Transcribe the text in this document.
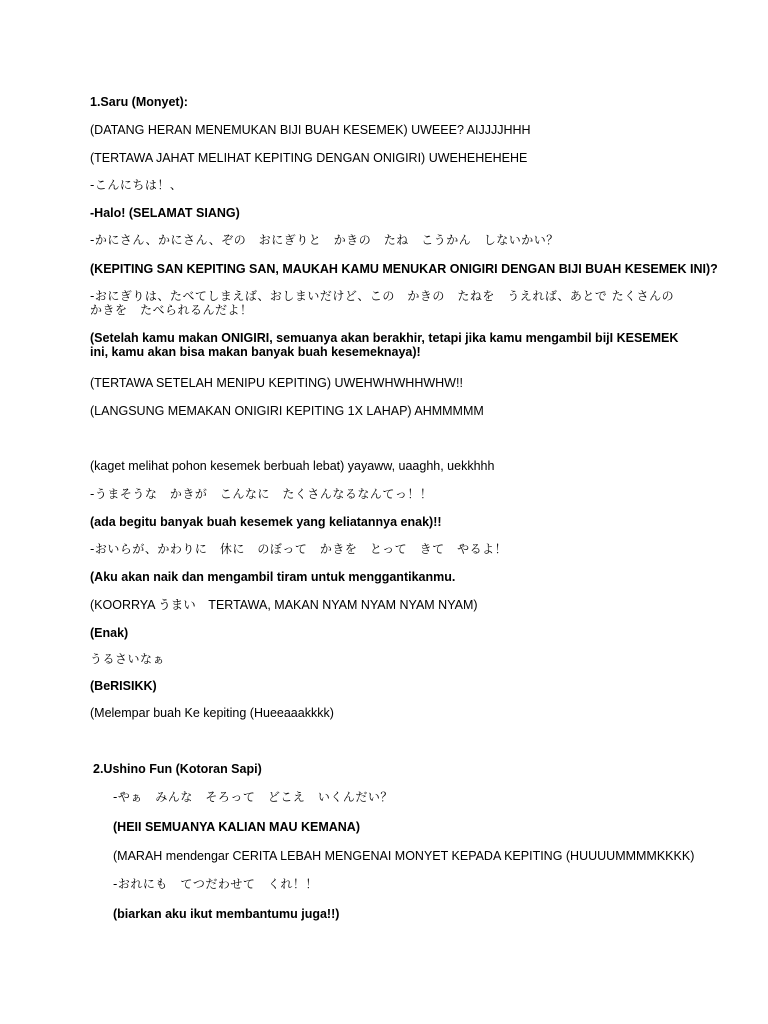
1.Saru (Monyet):
(DATANG HERAN MENEMUKAN BIJI BUAH KESEMEK) UWEEE? AIJJJJHHH
(TERTAWA JAHAT MELIHAT KEPITING DENGAN ONIGIRI) UWEHEHEHEHE
-こんにちは！、
-Halo! (SELAMAT SIANG)
-かにさん、かにさん、ぞの　おにぎりと　かきの　たね　こうかん　しないかい？
(KEPITING SAN KEPITING SAN, MAUKAH KAMU MENUKAR ONIGIRI DENGAN BIJI BUAH KESEMEK INI)?
-おにぎりは、たべてしまえば、おしまいだけど、この　かきの　たねを　うえれば、あとで たくさんの　かきを　たべられるんだよ！
(Setelah kamu makan ONIGIRI, semuanya akan berakhir, tetapi jika kamu mengambil bijI KESEMEK ini, kamu akan bisa makan banyak buah kesemeknaya)!
(TERTAWA SETELAH MENIPU KEPITING) UWEHWHWHHWHW!!
(LANGSUNG MEMAKAN ONIGIRI KEPITING 1X LAHAP) AHMMMMM
(kaget melihat pohon kesemek berbuah lebat) yayaww, uaaghh, uekkhhh
-うまそうな　かきが　こんなに　たくさんなるなんてっ！！
(ada begitu banyak buah kesemek yang keliatannya enak)!!
-おいらが、かわりに　休に　のぼって　かきを　とって　きて　やるよ！
(Aku akan naik dan mengambil tiram untuk menggantikanmu.
(KOORRYA うまい　TERTAWA, MAKAN NYAM NYAM NYAM NYAM)
(Enak)
うるさいなぁ
(BeRISIKK)
(Melempar buah Ke kepiting (Hueeaaakkkk)
2.Ushino Fun (Kotoran Sapi)
-やぁ　みんな　そろって　どこえ　いくんだい？
(HEII SEMUANYA KALIAN MAU KEMANA)
(MARAH mendengar CERITA LEBAH MENGENAI MONYET KEPADA KEPITING (HUUUUMMMMKKKK)
-おれにも　てつだわせて　くれ！！
(biarkan aku ikut membantumu juga!!)
